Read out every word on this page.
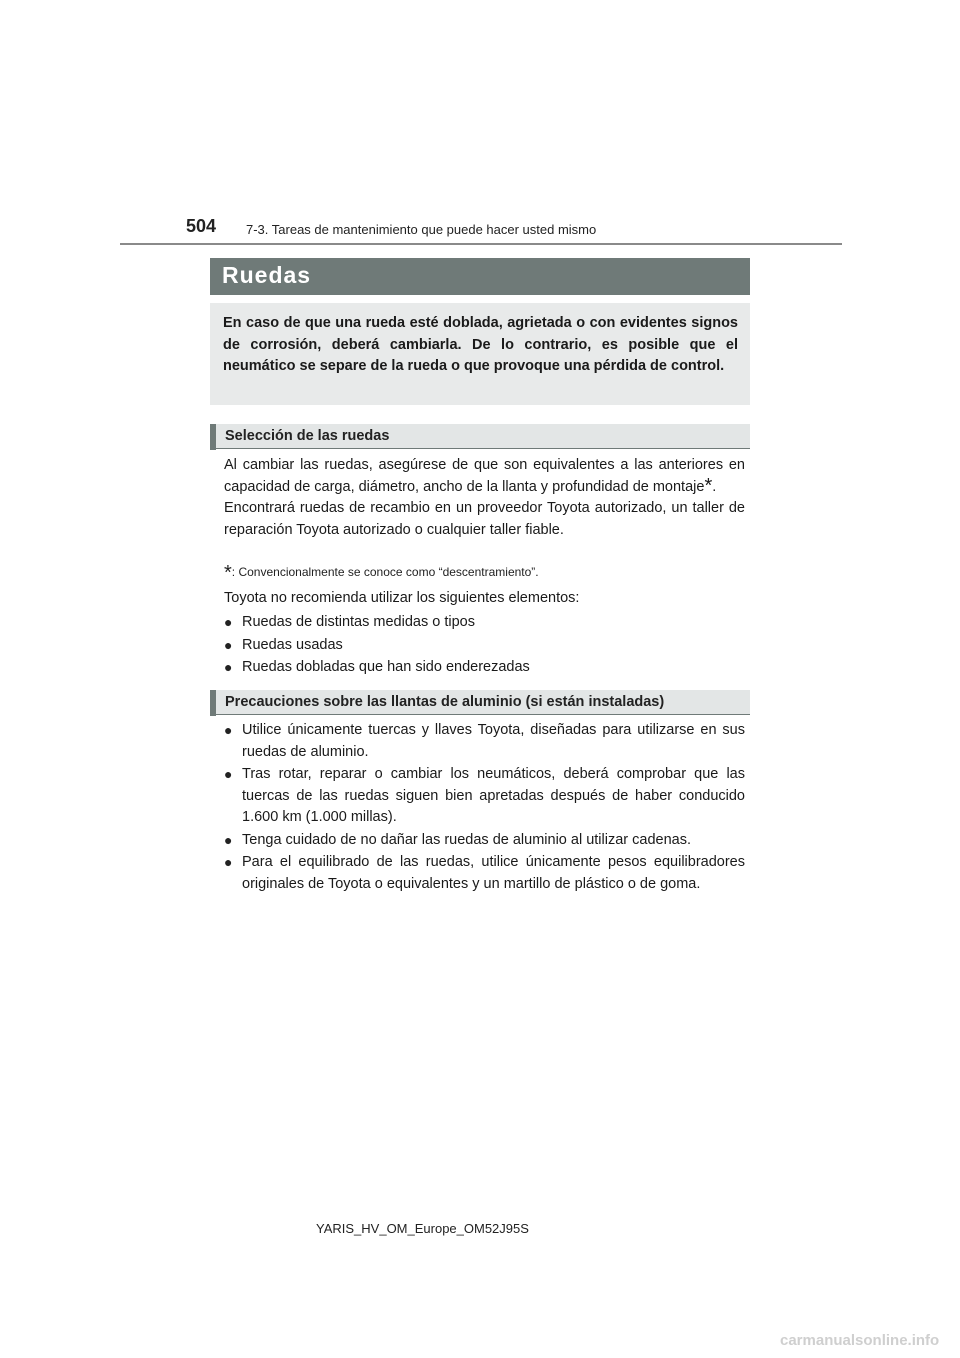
504 7-3. Tareas de mantenimiento que puede hacer usted mismo
Ruedas
En caso de que una rueda esté doblada, agrietada o con evidentes signos de corrosión, deberá cambiarla. De lo contrario, es posible que el neumático se separe de la rueda o que provoque una pérdida de control.
Selección de las ruedas

Al cambiar las ruedas, asegúrese de que son equivalentes a las anteriores en capacidad de carga, diámetro, ancho de la llanta y profundidad de montaje*.

Encontrará ruedas de recambio en un proveedor Toyota autorizado, un taller de reparación Toyota autorizado o cualquier taller fiable.

*: Convencionalmente se conoce como “descentramiento”.
Toyota no recomienda utilizar los siguientes elementos:
● Ruedas de distintas medidas o tipos
● Ruedas usadas
● Ruedas dobladas que han sido enderezadas
Precauciones sobre las llantas de aluminio (si están instaladas)
● Utilice únicamente tuercas y llaves Toyota, diseñadas para utilizarse en sus ruedas de aluminio.
● Tras rotar, reparar o cambiar los neumáticos, deberá comprobar que las tuercas de las ruedas siguen bien apretadas después de haber conducido 1.600 km (1.000 millas).
● Tenga cuidado de no dañar las ruedas de aluminio al utilizar cadenas.
● Para el equilibrado de las ruedas, utilice únicamente pesos equilibradores originales de Toyota o equivalentes y un martillo de plástico o de goma.
YARIS_HV_OM_Europe_OM52J95S
carmanualsonline.info
